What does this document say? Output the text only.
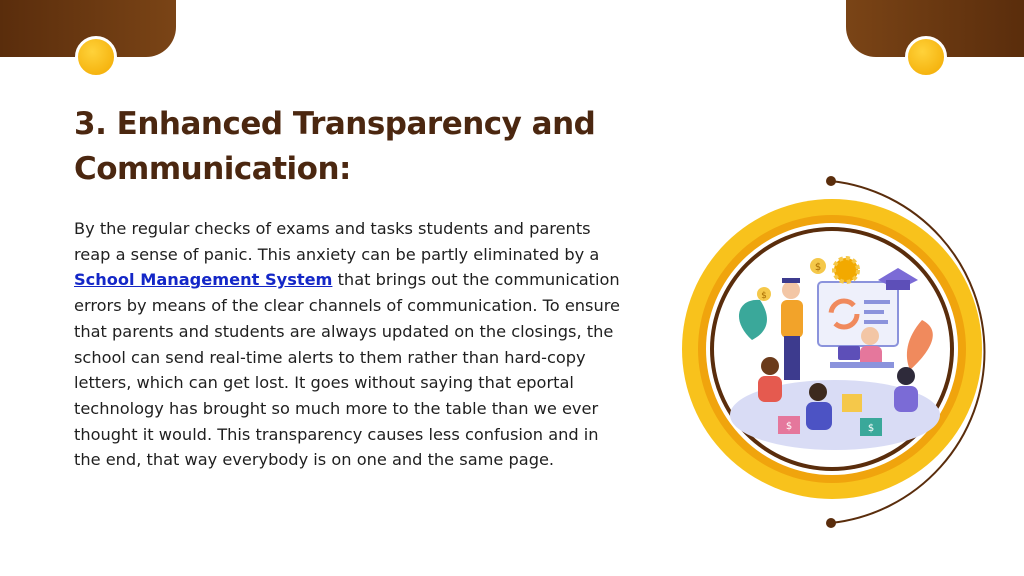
3. Enhanced Transparency and Communication:

By the regular checks of exams and tasks students and parents reap a sense of panic. This anxiety can be partly eliminated by a School Management System that brings out the communication errors by means of the clear channels of communication. To ensure that parents and students are always updated on the closings, the school can send real-time alerts to them rather than hard-copy letters, which can get lost. It goes without saying that eportal technology has brought so much more to the table than we ever thought it would. This transparency causes less confusion and in the end, that way everybody is on one and the same page.

$
$
$	$
